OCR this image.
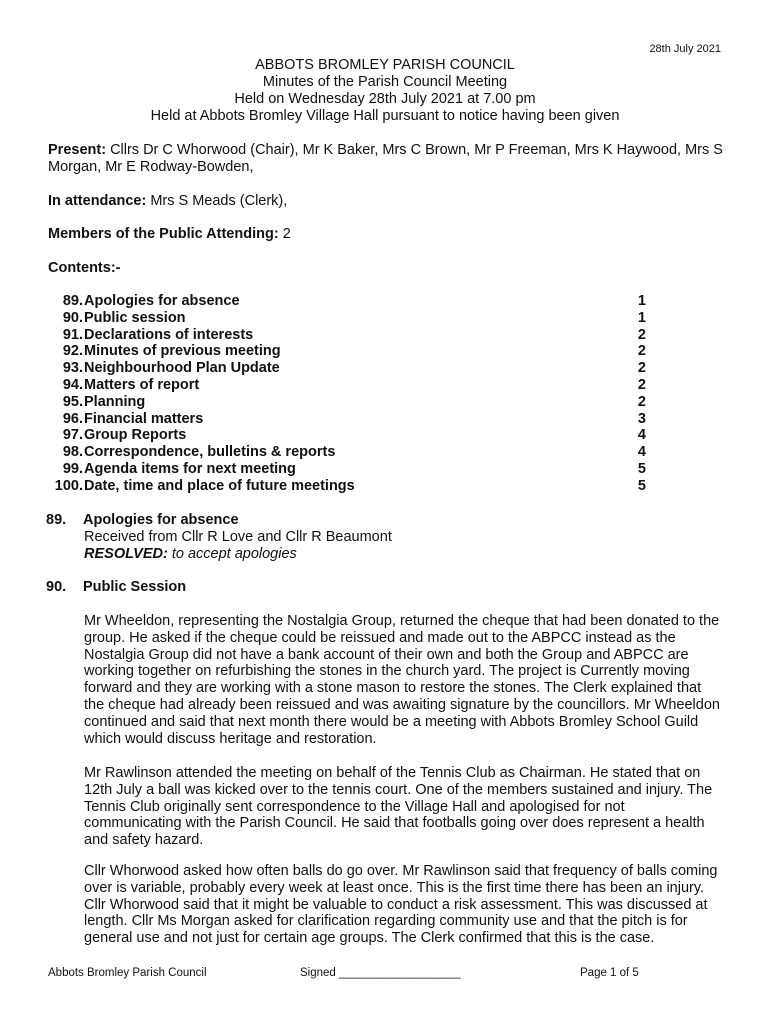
28th July 2021
ABBOTS BROMLEY PARISH COUNCIL
Minutes of the Parish Council Meeting
Held on Wednesday 28th July 2021 at 7.00 pm
Held at Abbots Bromley Village Hall pursuant to notice having been given
Present: Cllrs Dr C Whorwood (Chair), Mr K Baker, Mrs C Brown, Mr P Freeman, Mrs K Haywood, Mrs S Morgan, Mr E Rodway-Bowden,
In attendance: Mrs S Meads (Clerk),
Members of the Public Attending: 2
Contents:-
89. Apologies for absence	1
90. Public session	1
91. Declarations of interests	2
92. Minutes of previous meeting	2
93. Neighbourhood Plan Update	2
94. Matters of report	2
95. Planning	2
96. Financial matters	3
97. Group Reports	4
98. Correspondence, bulletins & reports	4
99. Agenda items for next meeting	5
100. Date, time and place of future meetings	5
89.	Apologies for absence
Received from Cllr R Love and Cllr R Beaumont
RESOLVED: to accept apologies
90.	Public Session

Mr Wheeldon, representing the Nostalgia Group, returned the cheque that had been donated to the group. He asked if the cheque could be reissued and made out to the ABPCC instead as the Nostalgia Group did not have a bank account of their own and both the Group and ABPCC are working together on refurbishing the stones in the church yard. The project is Currently moving forward and they are working with a stone mason to restore the stones. The Clerk explained that the cheque had already been reissued and was awaiting signature by the councillors. Mr Wheeldon continued and said that next month there would be a meeting with Abbots Bromley School Guild which would discuss heritage and restoration.

Mr Rawlinson attended the meeting on behalf of the Tennis Club as Chairman. He stated that on 12th July a ball was kicked over to the tennis court. One of the members sustained and injury. The Tennis Club originally sent correspondence to the Village Hall and apologised for not communicating with the Parish Council. He said that footballs going over does represent a health and safety hazard.

Cllr Whorwood asked how often balls do go over. Mr Rawlinson said that frequency of balls coming over is variable, probably every week at least once. This is the first time there has been an injury. Cllr Whorwood said that it might be valuable to conduct a risk assessment. This was discussed at length. Cllr Ms Morgan asked for clarification regarding community use and that the pitch is for general use and not just for certain age groups. The Clerk confirmed that this is the case.

Abbots Bromley Parish Council	Signed ___________________	Page 1 of 5
